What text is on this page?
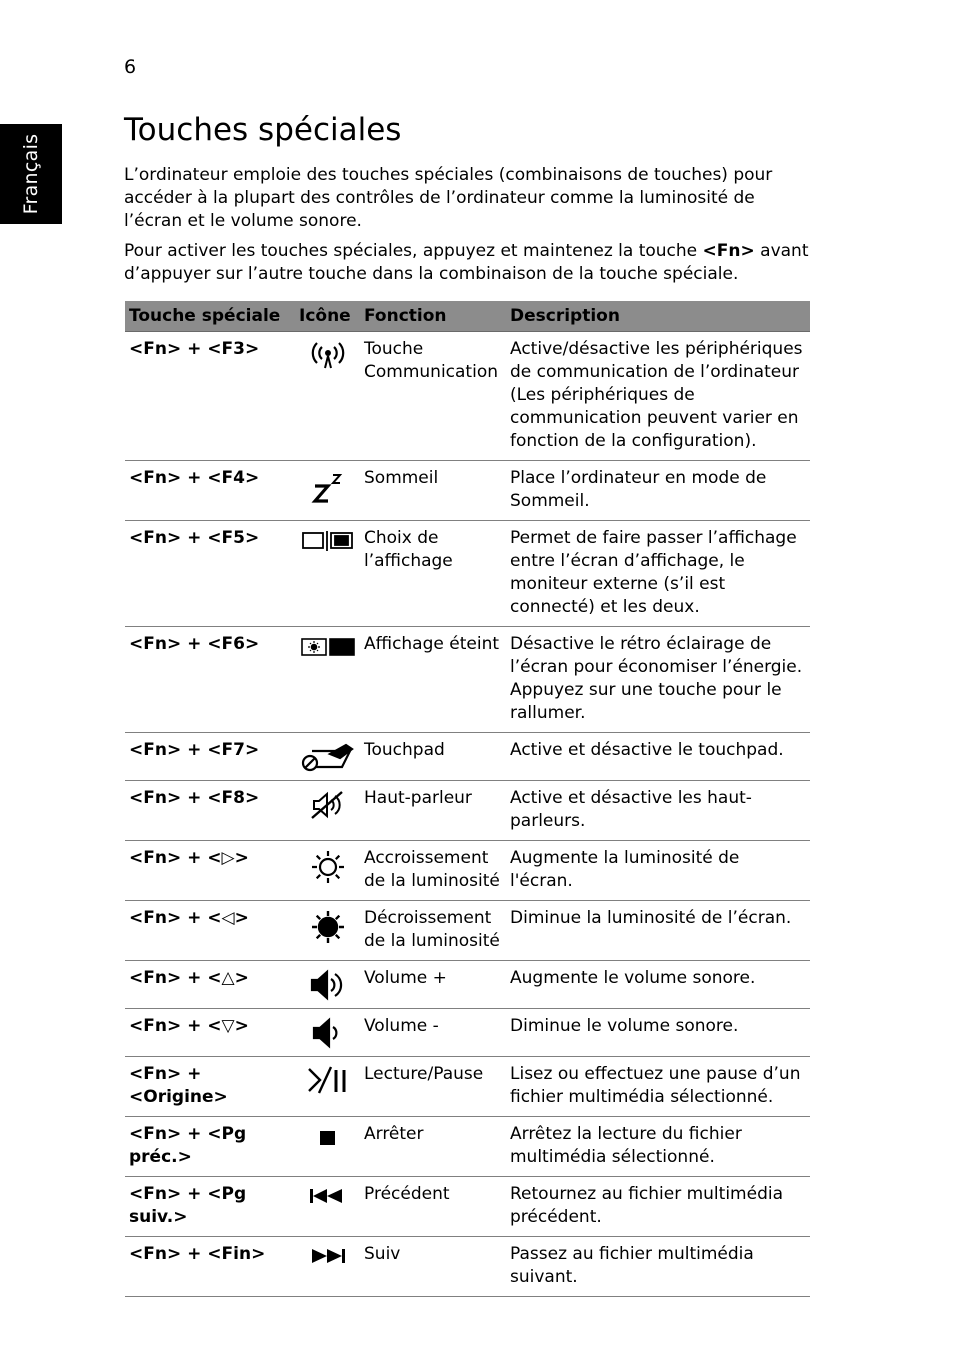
6
Français
Touches spéciales

L’ordinateur emploie des touches spéciales (combinaisons de touches) pour accéder à la plupart des contrôles de l’ordinateur comme la luminosité de l’écran et le volume sonore.

Pour activer les touches spéciales, appuyez et maintenez la touche <Fn> avant d’appuyer sur l’autre touche dans la combinaison de la touche spéciale.

Touche spéciale	Icône	Fonction	Description
<Fn> + <F3>		Touche Communication	Active/désactive les périphériques de communication de l’ordinateur (Les périphériques de communication peuvent varier en fonction de la configuration).
<Fn> + <F4>		Sommeil	Place l’ordinateur en mode de Sommeil.
<Fn> + <F5>		Choix de l’affichage	Permet de faire passer l’affichage entre l’écran d’affichage, le moniteur externe (s’il est connecté) et les deux.
<Fn> + <F6>		Affichage éteint	Désactive le rétro éclairage de l’écran pour économiser l’énergie. Appuyez sur une touche pour le rallumer.
<Fn> + <F7>		Touchpad	Active et désactive le touchpad.
<Fn> + <F8>		Haut-parleur	Active et désactive les haut-parleurs.
<Fn> + <▷>		Accroissement de la luminosité	Augmente la luminosité de l'écran.
<Fn> + <◁>		Décroissement de la luminosité	Diminue la luminosité de l’écran.
<Fn> + <△>		Volume +	Augmente le volume sonore.
<Fn> + <▽>		Volume -	Diminue le volume sonore.
<Fn> + <Origine>		Lecture/Pause	Lisez ou effectuez une pause d’un fichier multimédia sélectionné.
<Fn> + <Pg préc.>		Arrêter	Arrêtez la lecture du fichier multimédia sélectionné.
<Fn> + <Pg suiv.>		Précédent	Retournez au fichier multimédia précédent.
<Fn> + <Fin>		Suiv	Passez au fichier multimédia suivant.
